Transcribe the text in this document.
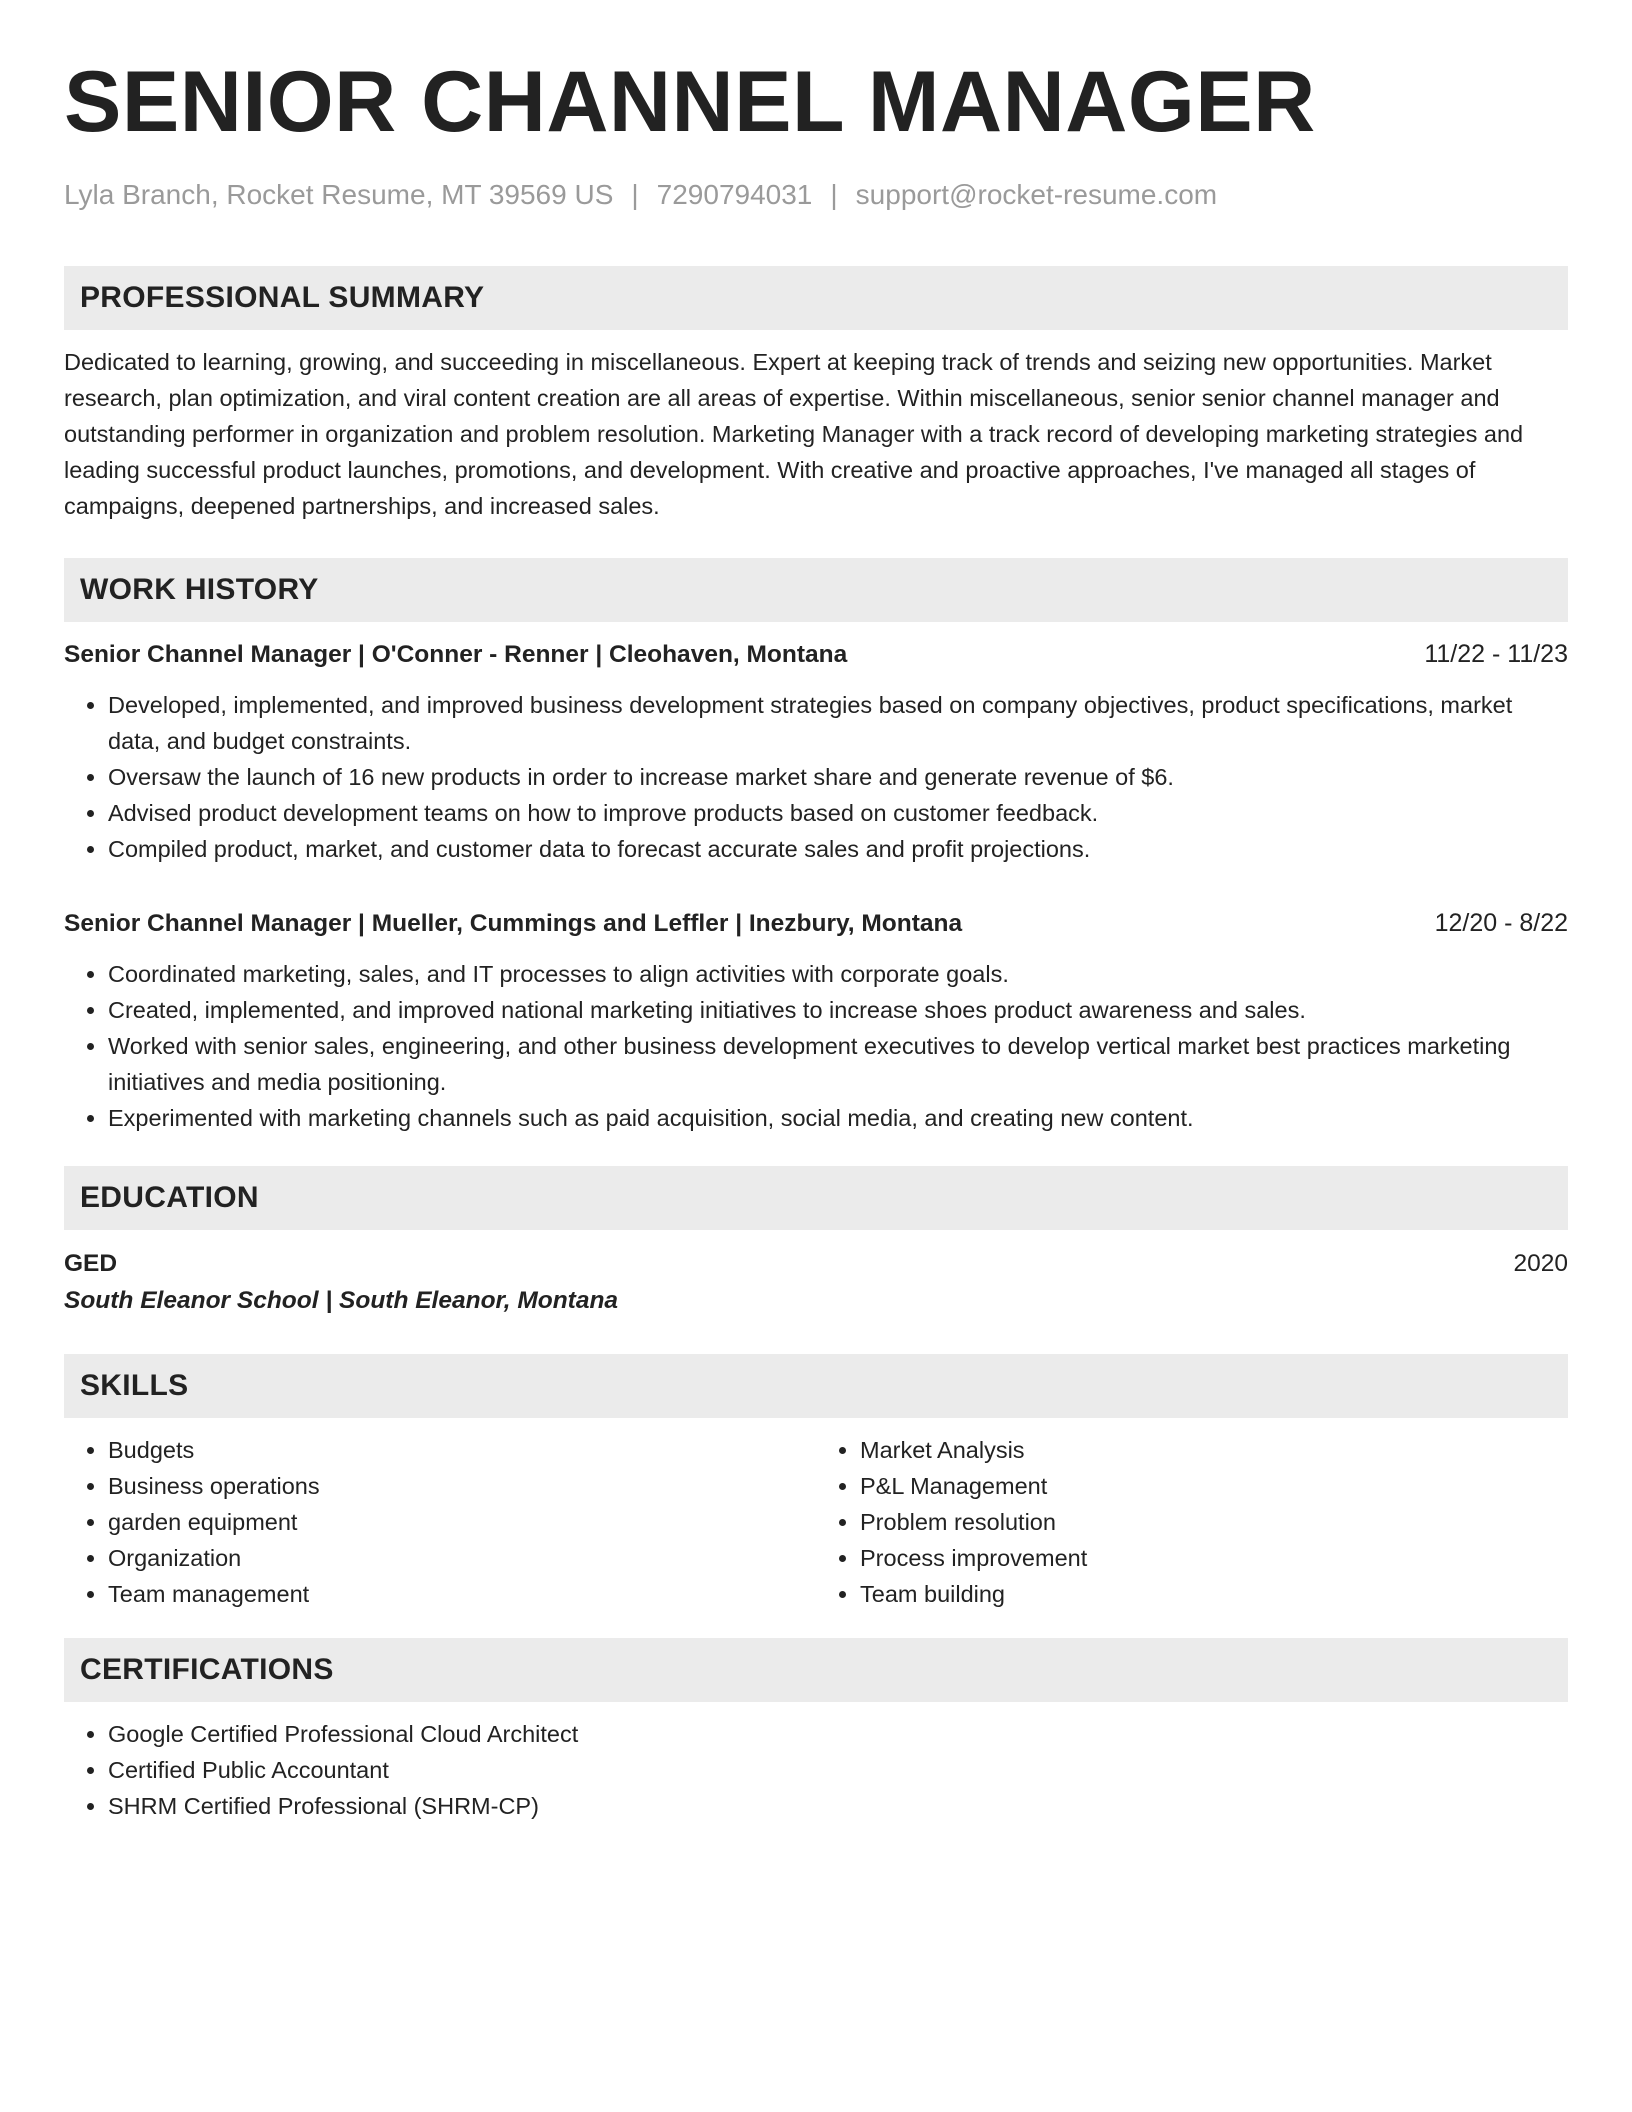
SENIOR CHANNEL MANAGER
Lyla Branch, Rocket Resume, MT 39569 US | 7290794031 | support@rocket-resume.com
PROFESSIONAL SUMMARY
Dedicated to learning, growing, and succeeding in miscellaneous. Expert at keeping track of trends and seizing new opportunities. Market research, plan optimization, and viral content creation are all areas of expertise. Within miscellaneous, senior senior channel manager and outstanding performer in organization and problem resolution. Marketing Manager with a track record of developing marketing strategies and leading successful product launches, promotions, and development. With creative and proactive approaches, I've managed all stages of campaigns, deepened partnerships, and increased sales.
WORK HISTORY
Senior Channel Manager | O'Conner - Renner | Cleohaven, Montana	11/22 - 11/23
• Developed, implemented, and improved business development strategies based on company objectives, product specifications, market data, and budget constraints.
• Oversaw the launch of 16 new products in order to increase market share and generate revenue of $6.
• Advised product development teams on how to improve products based on customer feedback.
• Compiled product, market, and customer data to forecast accurate sales and profit projections.
Senior Channel Manager | Mueller, Cummings and Leffler | Inezbury, Montana	12/20 - 8/22
• Coordinated marketing, sales, and IT processes to align activities with corporate goals.
• Created, implemented, and improved national marketing initiatives to increase shoes product awareness and sales.
• Worked with senior sales, engineering, and other business development executives to develop vertical market best practices marketing initiatives and media positioning.
• Experimented with marketing channels such as paid acquisition, social media, and creating new content.
EDUCATION
GED	2020
South Eleanor School | South Eleanor, Montana
SKILLS
• Budgets
• Business operations
• garden equipment
• Organization
• Team management
• Market Analysis
• P&L Management
• Problem resolution
• Process improvement
• Team building
CERTIFICATIONS
• Google Certified Professional Cloud Architect
• Certified Public Accountant
• SHRM Certified Professional (SHRM-CP)
